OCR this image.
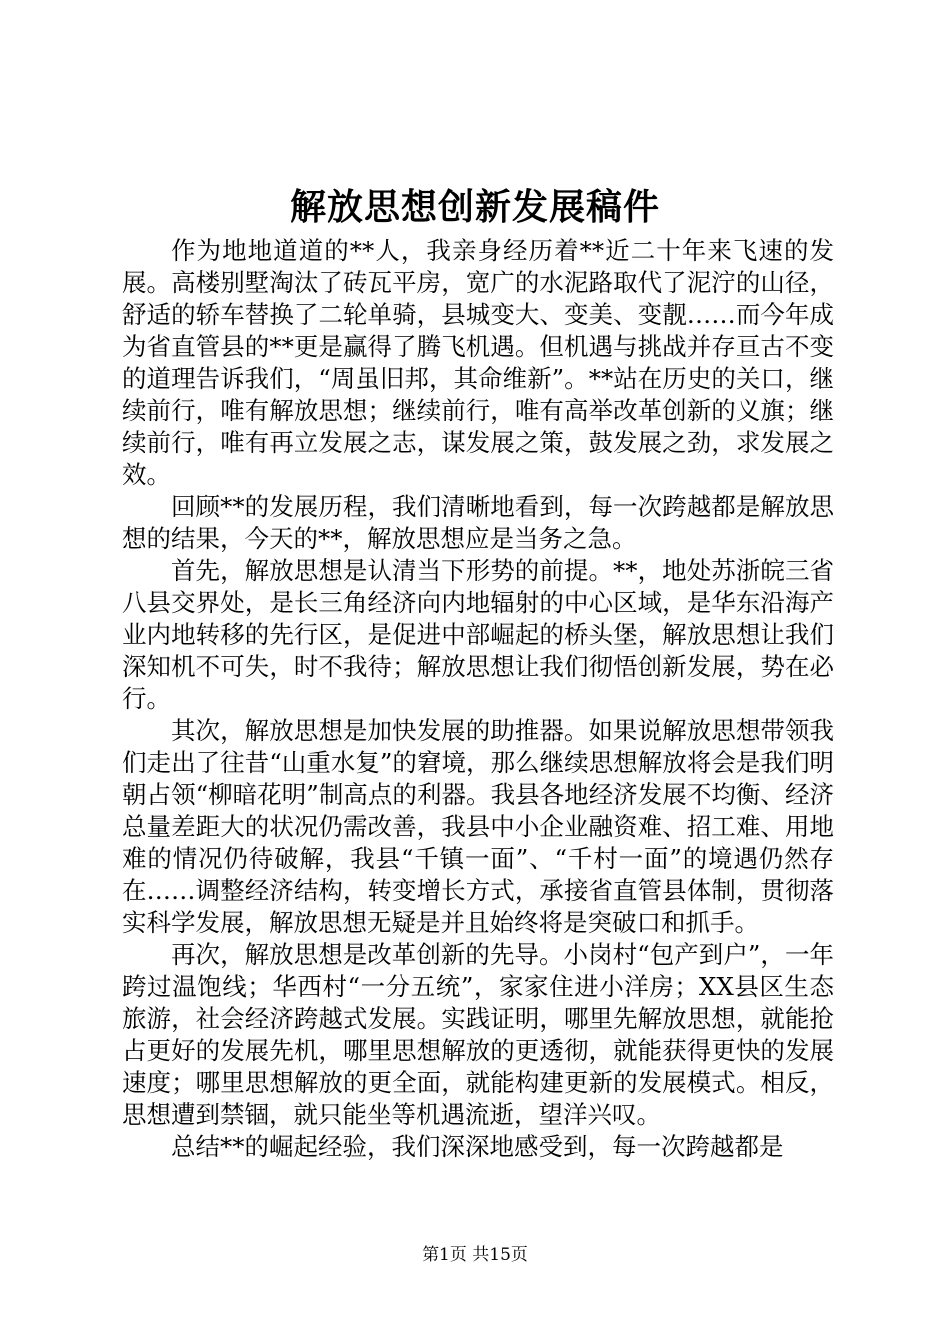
解放思想创新发展稿件

作为地地道道的**人，我亲身经历着**近二十年来飞速的发展。高楼别墅淘汰了砖瓦平房，宽广的水泥路取代了泥泞的山径，舒适的轿车替换了二轮单骑，县城变大、变美、变靓……而今年成为省直管县的**更是赢得了腾飞机遇。但机遇与挑战并存亘古不变的道理告诉我们，“周虽旧邦，其命维新”。**站在历史的关口，继续前行，唯有解放思想；继续前行，唯有高举改革创新的义旗；继续前行，唯有再立发展之志，谋发展之策，鼓发展之劲，求发展之效。

回顾**的发展历程，我们清晰地看到，每一次跨越都是解放思想的结果，今天的**，解放思想应是当务之急。

首先，解放思想是认清当下形势的前提。**，地处苏浙皖三省八县交界处，是长三角经济向内地辐射的中心区域，是华东沿海产业内地转移的先行区，是促进中部崛起的桥头堡，解放思想让我们深知机不可失，时不我待；解放思想让我们彻悟创新发展，势在必行。

其次，解放思想是加快发展的助推器。如果说解放思想带领我们走出了往昔“山重水复”的窘境，那么继续思想解放将会是我们明朝占领“柳暗花明”制高点的利器。我县各地经济发展不均衡、经济总量差距大的状况仍需改善，我县中小企业融资难、招工难、用地难的情况仍待破解，我县“千镇一面”、“千村一面”的境遇仍然存在……调整经济结构，转变增长方式，承接省直管县体制，贯彻落实科学发展，解放思想无疑是并且始终将是突破口和抓手。

再次，解放思想是改革创新的先导。小岗村“包产到户”，一年跨过温饱线；华西村“一分五统”，家家住进小洋房；XX县区生态旅游，社会经济跨越式发展。实践证明，哪里先解放思想，就能抢占更好的发展先机，哪里思想解放的更透彻，就能获得更快的发展速度；哪里思想解放的更全面，就能构建更新的发展模式。相反，思想遭到禁锢，就只能坐等机遇流逝，望洋兴叹。

总结**的崛起经验，我们深深地感受到，每一次跨越都是

第1页 共15页
